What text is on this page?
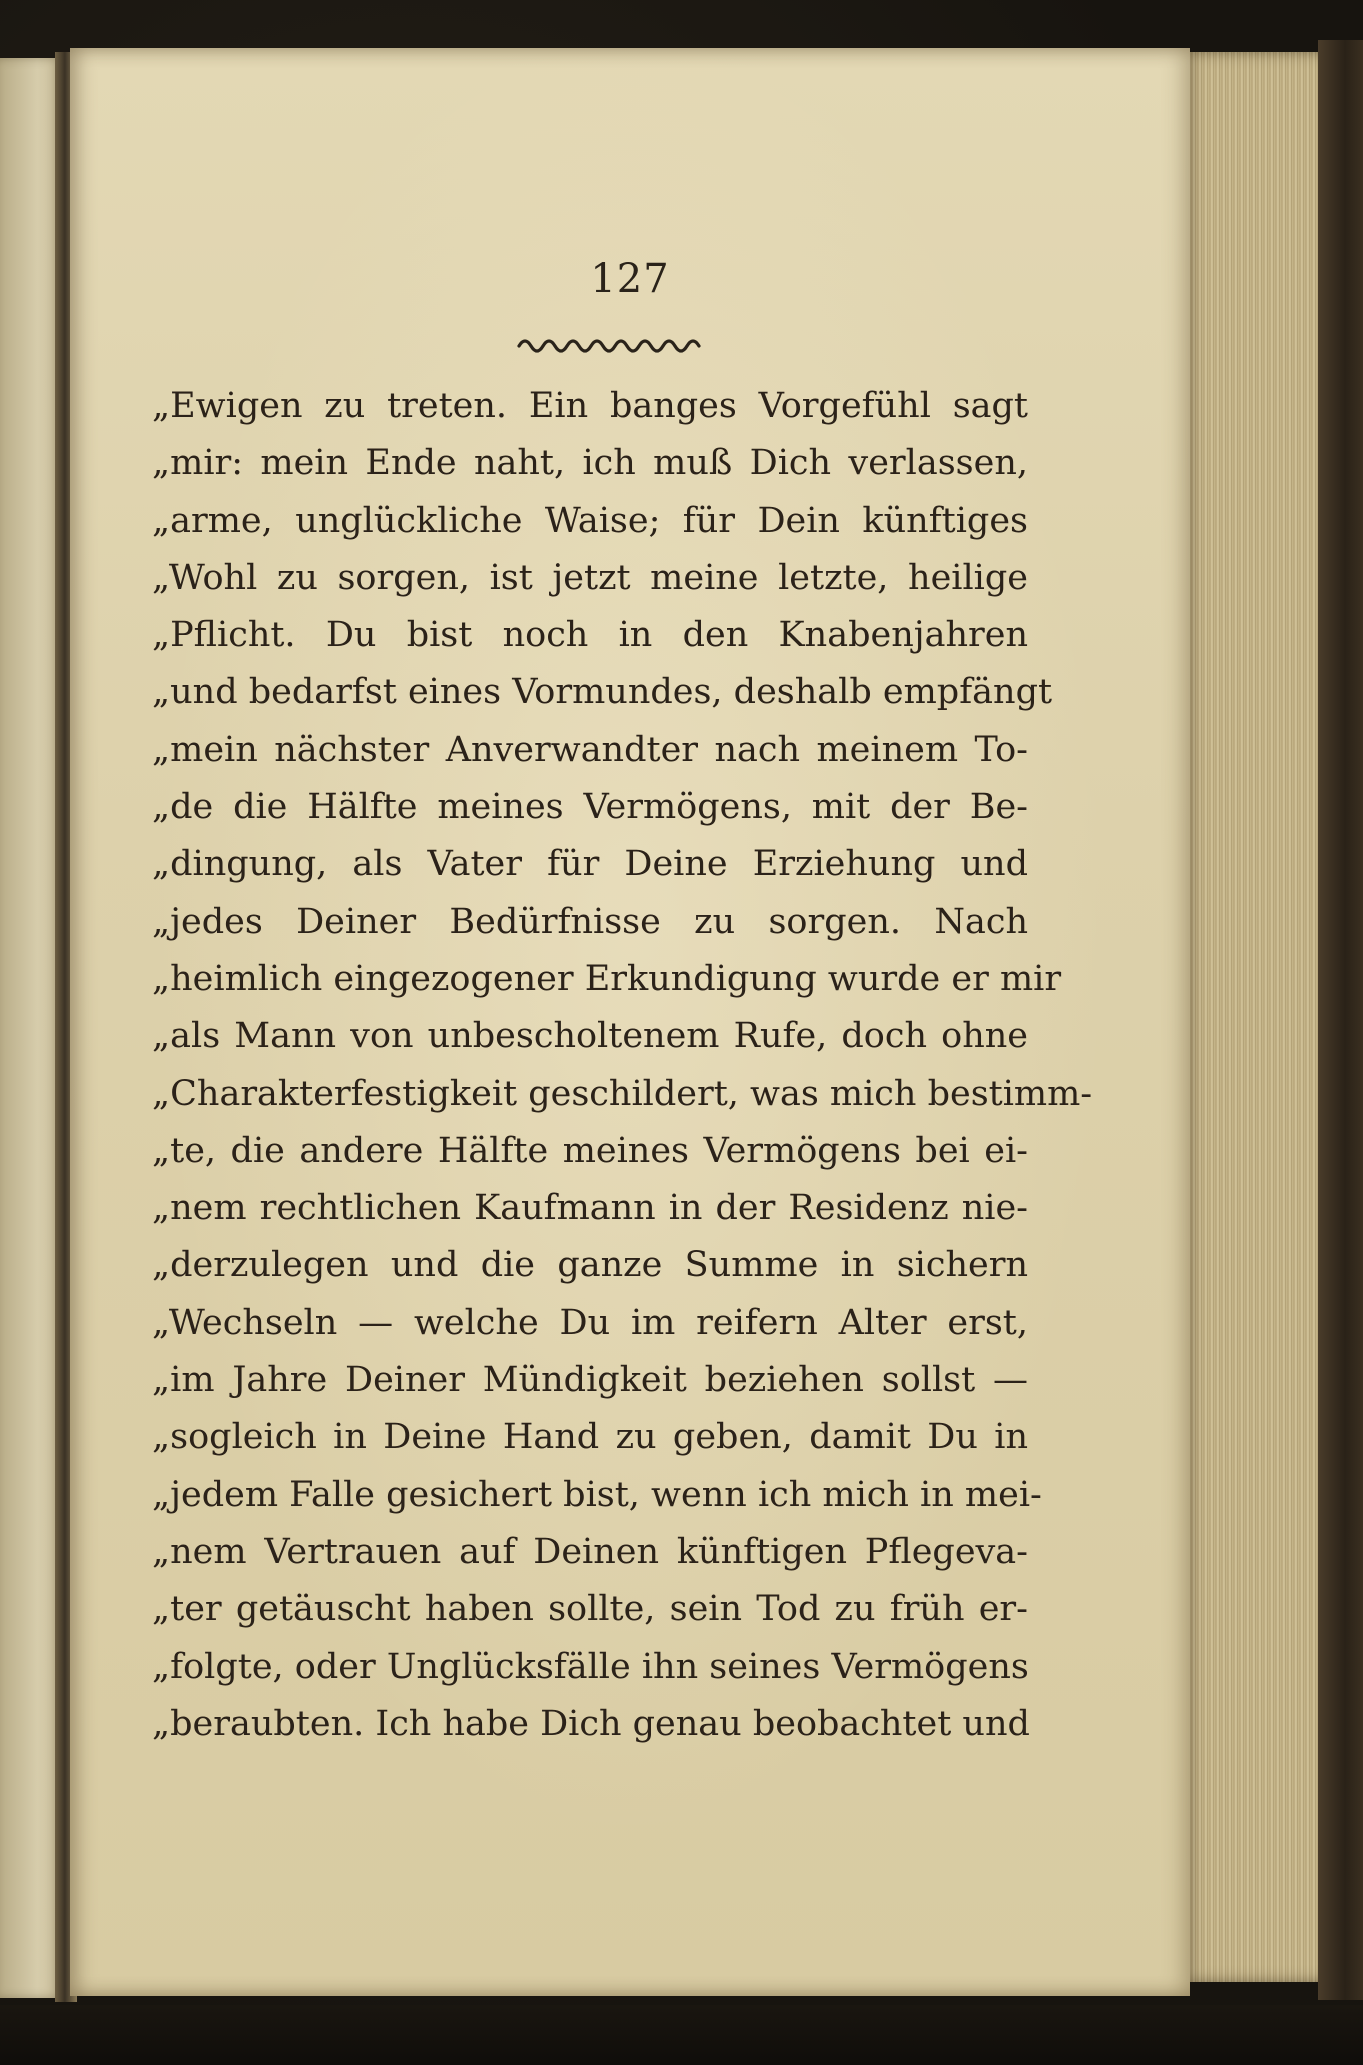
127
„Ewigen zu treten. Ein banges Vorgefühl sagt
„mir: mein Ende naht, ich muß Dich verlassen,
„arme, unglückliche Waise; für Dein künftiges
„Wohl zu sorgen, ist jetzt meine letzte, heilige
„Pflicht. Du bist noch in den Knabenjahren
„und bedarfst eines Vormundes, deshalb empfängt
„mein nächster Anverwandter nach meinem To-
„de die Hälfte meines Vermögens, mit der Be-
„dingung, als Vater für Deine Erziehung und
„jedes Deiner Bedürfnisse zu sorgen. Nach
„heimlich eingezogener Erkundigung wurde er mir
„als Mann von unbescholtenem Rufe, doch ohne
„Charakterfestigkeit geschildert, was mich bestimm-
„te, die andere Hälfte meines Vermögens bei ei-
„nem rechtlichen Kaufmann in der Residenz nie-
„derzulegen und die ganze Summe in sichern
„Wechseln — welche Du im reifern Alter erst,
„im Jahre Deiner Mündigkeit beziehen sollst —
„sogleich in Deine Hand zu geben, damit Du in
„jedem Falle gesichert bist, wenn ich mich in mei-
„nem Vertrauen auf Deinen künftigen Pflegeva-
„ter getäuscht haben sollte, sein Tod zu früh er-
„folgte, oder Unglücksfälle ihn seines Vermögens
„beraubten. Ich habe Dich genau beobachtet und
